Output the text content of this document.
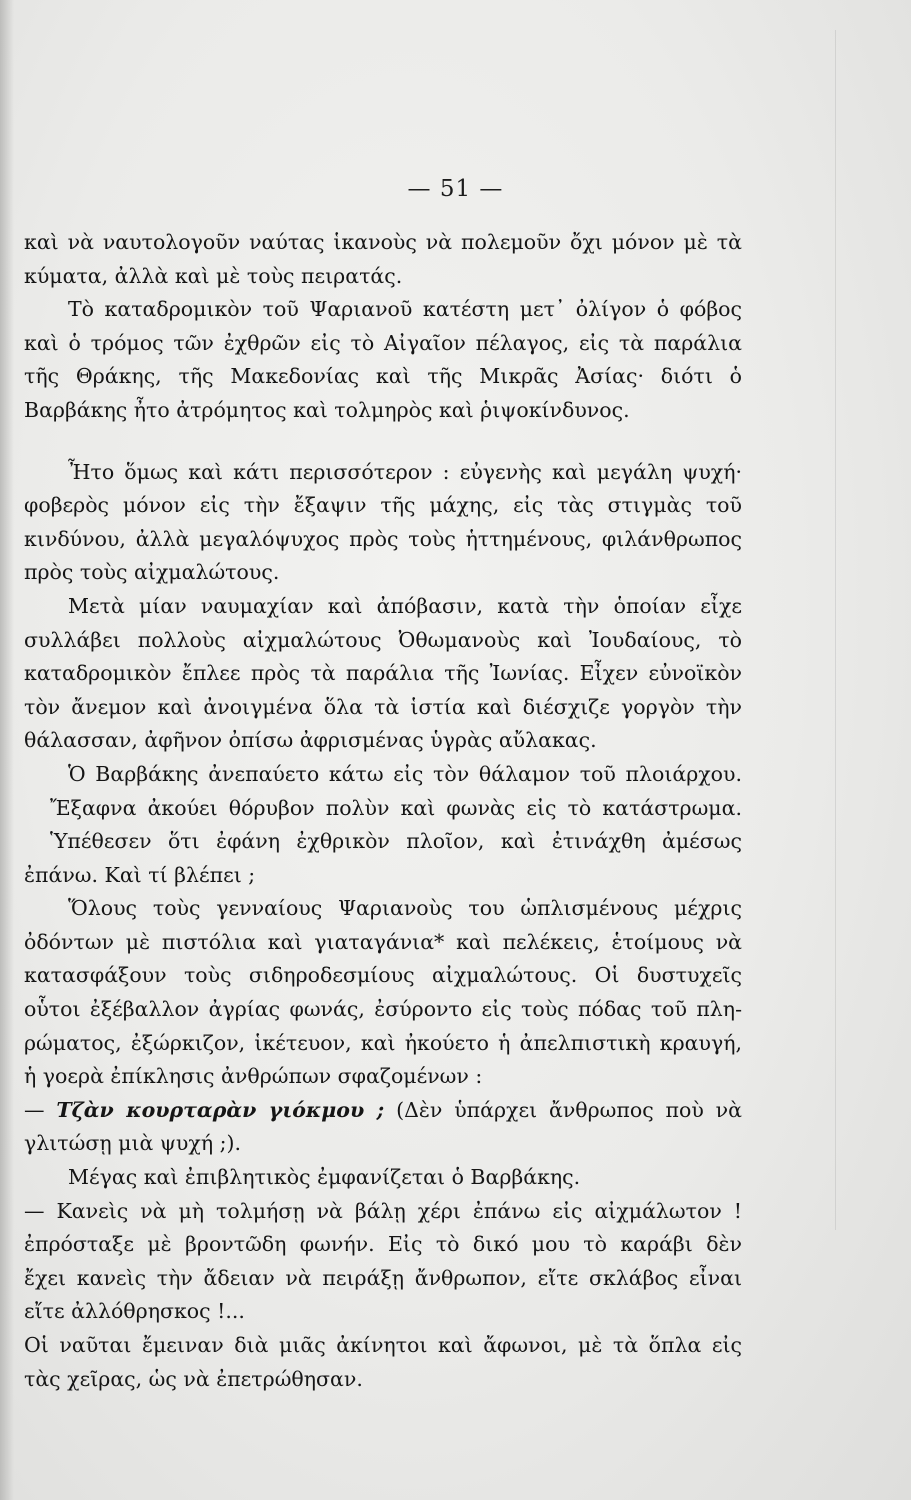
— 51 —
καὶ νὰ ναυτολογοῦν ναύτας ἱκανοὺς νὰ πολεμοῦν ὄχι μόνον μὲ τὰ
κύματα, ἀλλὰ καὶ μὲ τοὺς πειρατάς.
Τὸ καταδρομικὸν τοῦ Ψαριανοῦ κατέστη μετ᾽ ὀλίγον ὁ φόβος
καὶ ὁ τρόμος τῶν ἐχθρῶν εἰς τὸ Αἰγαῖον πέλαγος, εἰς τὰ παράλια
τῆς Θράκης, τῆς Μακεδονίας καὶ τῆς Μικρᾶς Ἀσίας· διότι ὁ
Βαρβάκης ἦτο ἀτρόμητος καὶ τολμηρὸς καὶ ῥιψοκίνδυνος.
Ἦτο ὅμως καὶ κάτι περισσότερον : εὐγενὴς καὶ μεγάλη ψυχή·
φοβερὸς μόνον εἰς τὴν ἔξαψιν τῆς μάχης, εἰς τὰς στιγμὰς τοῦ
κινδύνου, ἀλλὰ μεγαλόψυχος πρὸς τοὺς ἡττημένους, φιλάνθρωπος
πρὸς τοὺς αἰχμαλώτους.
Μετὰ μίαν ναυμαχίαν καὶ ἀπόβασιν, κατὰ τὴν ὁποίαν εἶχε
συλλάβει πολλοὺς αἰχμαλώτους Ὀθωμανοὺς καὶ Ἰουδαίους, τὸ
καταδρομικὸν ἔπλεε πρὸς τὰ παράλια τῆς Ἰωνίας. Εἶχεν εὐνοϊκὸν
τὸν ἄνεμον καὶ ἀνοιγμένα ὅλα τὰ ἱστία καὶ διέσχιζε γοργὸν τὴν
θάλασσαν, ἀφῆνον ὀπίσω ἀφρισμένας ὑγρὰς αὔλακας.
Ὁ Βαρβάκης ἀνεπαύετο κάτω εἰς τὸν θάλαμον τοῦ πλοιάρχου.
Ἔξαφνα ἀκούει θόρυβον πολὺν καὶ φωνὰς εἰς τὸ κατάστρωμα.
Ὑπέθεσεν ὅτι ἐφάνη ἐχθρικὸν πλοῖον, καὶ ἐτινάχθη ἀμέσως
ἐπάνω. Καὶ τί βλέπει ;
Ὅλους τοὺς γενναίους Ψαριανοὺς του ὡπλισμένους μέχρις
ὀδόντων μὲ πιστόλια καὶ γιαταγάνια* καὶ πελέκεις, ἑτοίμους νὰ
κατασφάξουν τοὺς σιδηροδεσμίους αἰχμαλώτους. Οἱ δυστυχεῖς
οὗτοι ἐξέβαλλον ἀγρίας φωνάς, ἐσύροντο εἰς τοὺς πόδας τοῦ πλη-
ρώματος, ἐξώρκιζον, ἱκέτευον, καὶ ἠκούετο ἡ ἀπελπιστικὴ κραυγή,
ἡ γοερὰ ἐπίκλησις ἀνθρώπων σφαζομένων :
— Τζὰν κουρταρὰν γιόκμου ; (Δὲν ὑπάρχει ἄνθρωπος ποὺ νὰ
γλιτώσῃ μιὰ ψυχή ;).
Μέγας καὶ ἐπιβλητικὸς ἐμφανίζεται ὁ Βαρβάκης.
— Κανεὶς νὰ μὴ τολμήσῃ νὰ βάλῃ χέρι ἐπάνω εἰς αἰχμάλωτον !
ἐπρόσταξε μὲ βροντῶδη φωνήν. Εἰς τὸ δικό μου τὸ καράβι δὲν
ἔχει κανεὶς τὴν ἄδειαν νὰ πειράξῃ ἄνθρωπον, εἴτε σκλάβος εἶναι
εἴτε ἀλλόθρησκος !...
Οἱ ναῦται ἔμειναν διὰ μιᾶς ἀκίνητοι καὶ ἄφωνοι, μὲ τὰ ὅπλα εἰς
τὰς χεῖρας, ὡς νὰ ἐπετρώθησαν.
